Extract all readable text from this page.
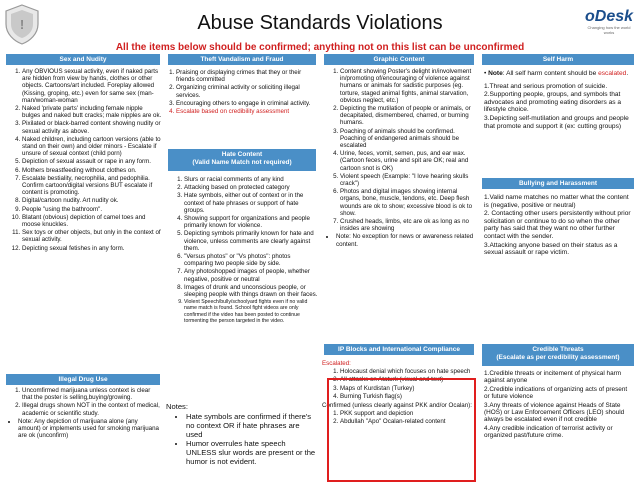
!	Abuse Standards Violations	oDesk
Changing how the world works
All the items below should be confirmed; anything not on this list can be unconfirmed
Sex and Nudity
1. Any OBVIOUS sexual activity, even if naked parts are hidden from view by hands, clothes or other objects. Cartoons/art included. Foreplay allowed (Kissing, groping, etc.) even for same sex (man-man/woman-woman
2. Naked 'private parts' including female nipple bulges and naked butt cracks; male nipples are ok.
3. Pixilated or black-barred content showing nudity or sexual activity as above.
4. Naked children, including cartoon versions (able to stand on their own) and older minors - Escalate if unsure of sexual context (child porn)
5. Depiction of sexual assault or rape in any form.
6. Mothers breastfeeding without clothes on.
7. Escalate bestiality, necrophilia, and pedophilia. Confirm cartoon/digital versions BUT escalate if content is promoting.
8. Digital/cartoon nudity. Art nudity ok.
9. People "using the bathroom".
10. Blatant (obvious) depiction of camel toes and moose knuckles.
11. Sex toys or other objects, but only in the context of sexual activity.
12. Depicting sexual fetishes in any form.
Illegal Drug Use
1. Uncomfirmed marijuana unless context is clear that the poster is selling,buying/growing.
2. Illegal drugs shown NOT in the context of medical, academic or scientific study.
• Note: Any depiction of marijuana alone (any amount) or implements used for smoking marijuana are ok (unconfirm)
Theft Vandalism and Fraud
1. Praising or displaying crimes that they or their friends committed
2. Organizing criminal activity or soliciting illegal services.
3. Encouraging others to engage in criminal activity.
4. Escalate based on credibility assessment
Hate Content
(Valid Name Match not required)
1. Slurs or racial comments of any kind
2. Attacking based on protected category
3. Hate symbols, either out of context or in the context of hate phrases or support of hate groups.
4. Showing support for organizations and people primarily known for violence.
5. Depicting symbols primarily known for hate and violence, unless comments are clearly against them.
6. "Versus photos" or "Vs photos": photos comparing two people side by side.
7. Any photoshopped images of people, whether negative, positive or neutral
8. Images of drunk and unconscious people, or sleeping people with things drawn on their faces.
9. Violent Speech/bully/schoolyard fights even if no valid name match is found. School fight videos are only confirmed if the video has been posted to continue tormenting the person targeted in the video.

Notes:

• Hate symbols are confirmed if there's no context OR if hate phrases are used
• Humor overrules hate speech UNLESS slur words are present or the humor is not evident.
Graphic Content
1. Content showing Poster's delight in/involvement in/promoting of/encouraging of violence against humans or animals for sadistic purposes (eg. torture, staged animal fights, animal starvation, obvious neglect, etc.)
2. Depicting the mutilation of people or animals, or decapitated, dismembered, charred, or burning humans.
3. Poaching of animals should be confirmed. Poaching of endangered animals should be escalated
4. Urine, feces, vomit, semen, pus, and ear wax. (Cartoon feces, urine and spit are OK; real and cartoon snot is OK)
5. Violent speech (Example: "I love hearing skulls crack")
6. Photos and digital images showing internal organs, bone, muscle, tendons, etc. Deep flesh wounds are ok to show; excessive blood is ok to show.
7. Crushed heads, limbs, etc are ok as long as no insides are showing
• Note: No exception for news or awareness related content.
IP Blocks and International Compliance

Escalated:

1. Holocaust denial which focuses on hate speech
2. All attacks on Ataturk (visual and text)
3. Maps of Kurdistan (Turkey)
4. Burning Turkish flag(s)

Confirmed (unless clearly against PKK and/or Ocalan):

1. PKK support and depiction
2. Abdullah "Apo" Ocalan-related content
Self Harm

• Note: All self harm content should be escalated.

1.Threat and serious promotion of suicide.

2.Supporting people, groups, and symbols that advocates and promoting eating disorders as a lifestyle choice.

3.Depicting self-mutilation and groups and people that promote and support it (ex: cutting groups)

Bullying and Harassment

1.Valid name matches no matter what the content is (negative, positive or neutral)

2. Contacting other users persistently without prior solicitation or continue to do so when the other party has said that they want no other further contact with the sender.

3.Attacking anyone based on their status as a sexual assault or rape victim.

Credible Threats
(Escalate as per credibility assessment)

1.Credible threats or incitement of physical harm against anyone

2.Credible indications of organizing acts of present or future violence

3.Any threats of violence against Heads of State (HOS) or Law Enforcement Officers (LEO) should always be escalated even if not credible

4.Any credible indication of terrorist activity or organized past/future crime.
